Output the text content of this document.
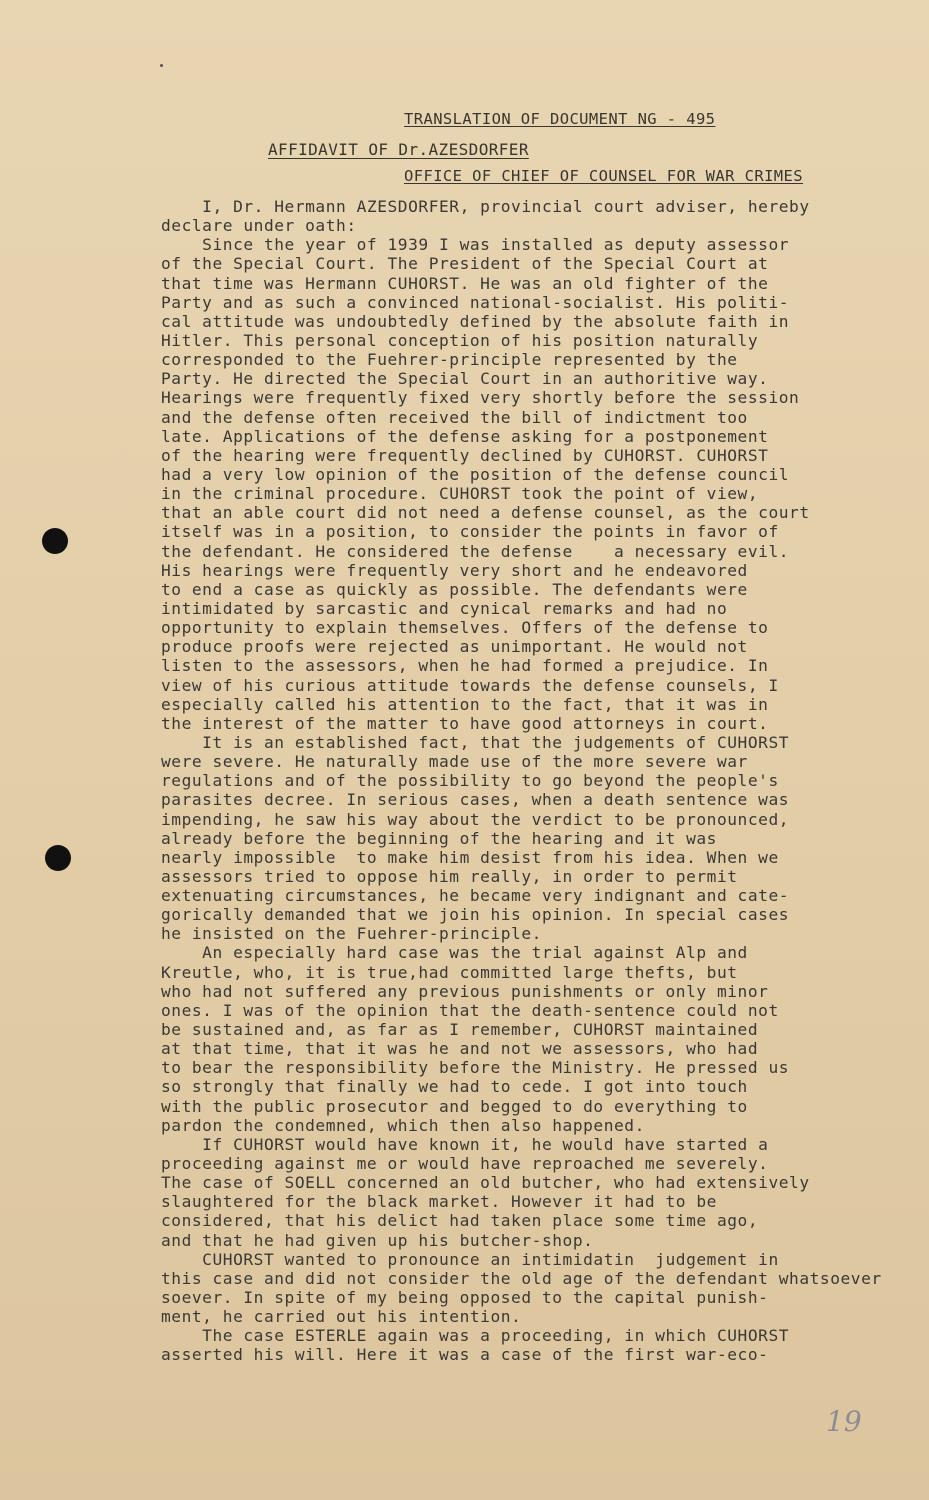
TRANSLATION OF DOCUMENT NG - 495

OFFICE OF CHIEF OF COUNSEL FOR WAR CRIMES

AFFIDAVIT OF Dr.AZESDORFER
I, Dr. Hermann AZESDORFER, provincial court adviser, hereby
declare under oath:
Since the year of 1939 I was installed as deputy assessor
of the Special Court. The President of the Special Court at
that time was Hermann CUHORST. He was an old fighter of the
Party and as such a convinced national-socialist. His politi-
cal attitude was undoubtedly defined by the absolute faith in
Hitler. This personal conception of his position naturally
corresponded to the Fuehrer-principle represented by the
Party. He directed the Special Court in an authoritive way.
Hearings were frequently fixed very shortly before the session
and the defense often received the bill of indictment too
late. Applications of the defense asking for a postponement
of the hearing were frequently declined by CUHORST. CUHORST
had a very low opinion of the position of the defense council
in the criminal procedure. CUHORST took the point of view,
that an able court did not need a defense counsel, as the court
itself was in a position, to consider the points in favor of
the defendant. He considered the defense    a necessary evil.
His hearings were frequently very short and he endeavored
to end a case as quickly as possible. The defendants were
intimidated by sarcastic and cynical remarks and had no
opportunity to explain themselves. Offers of the defense to
produce proofs were rejected as unimportant. He would not
listen to the assessors, when he had formed a prejudice. In
view of his curious attitude towards the defense counsels, I
especially called his attention to the fact, that it was in
the interest of the matter to have good attorneys in court.
It is an established fact, that the judgements of CUHORST
were severe. He naturally made use of the more severe war
regulations and of the possibility to go beyond the people's
parasites decree. In serious cases, when a death sentence was
impending, he saw his way about the verdict to be pronounced,
already before the beginning of the hearing and it was
nearly impossible  to make him desist from his idea. When we
assessors tried to oppose him really, in order to permit
extenuating circumstances, he became very indignant and cate-
gorically demanded that we join his opinion. In special cases
he insisted on the Fuehrer-principle.
An especially hard case was the trial against Alp and
Kreutle, who, it is true,had committed large thefts, but
who had not suffered any previous punishments or only minor
ones. I was of the opinion that the death-sentence could not
be sustained and, as far as I remember, CUHORST maintained
at that time, that it was he and not we assessors, who had
to bear the responsibility before the Ministry. He pressed us
so strongly that finally we had to cede. I got into touch
with the public prosecutor and begged to do everything to
pardon the condemned, which then also happened.
If CUHORST would have known it, he would have started a
proceeding against me or would have reproached me severely.
The case of SOELL concerned an old butcher, who had extensively
slaughtered for the black market. However it had to be
considered, that his delict had taken place some time ago,
and that he had given up his butcher-shop.
CUHORST wanted to pronounce an intimidatin  judgement in
this case and did not consider the old age of the defendant whatsoever
soever. In spite of my being opposed to the capital punish-
ment, he carried out his intention.
The case ESTERLE again was a proceeding, in which CUHORST
asserted his will. Here it was a case of the first war-eco-
19
